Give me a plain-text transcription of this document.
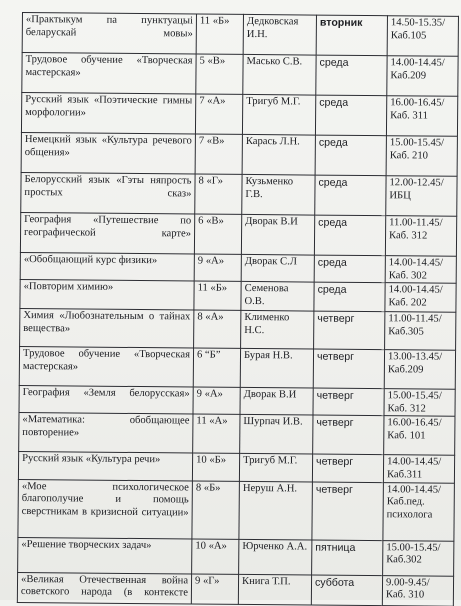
«Практыкум па пунктуацыі беларускай мовы»	11 «Б»	Дедковская И.Н.	вторник	14.50-15.35/ Каб.105
Трудовое обучение «Творческая мастерская»	5 «В»	Масько С.В.	среда	14.00-14.45/ Каб.209
Русский язык «Поэтические гимны морфологии»	7 «А»	Тригуб М.Г.	среда	16.00-16.45/ Каб. 311
Немецкий язык «Культура речевого общения»	7 «В»	Карась Л.Н.	среда	15.00-15.45/ Каб. 210
Белорусский язык «Гэты няпрость простых сказ»	8 «Г»	Кузьменко Г.В.	среда	12.00-12.45/ ИБЦ
География «Путешествие по географической карте»	6 «В»	Дворак В.И	среда	11.00-11.45/ Каб. 312
«Обобщающий курс физики»	9 «А»	Дворак С.Л	среда	14.00-14.45/ Каб. 302
«Повторим химию»	11 «Б»	Семенова О.В.	среда	14.00-14.45/ Каб. 202
Химия «Любознательным о тайнах вещества»	8 «А»	Клименко Н.С.	четверг	11.00-11.45/ Каб.305
Трудовое обучение «Творческая мастерская»	6 “Б”	Бурая Н.В.	четверг	13.00-13.45/ Каб.209
География «Земля белорусская»	9 «А»	Дворак В.И	четверг	15.00-15.45/ Каб. 312
«Математика: обобщающее повторение»	11 «А»	Шурпач И.В.	четверг	16.00-16.45/ Каб. 101
Русский язык «Культура речи»	10 «Б»	Тригуб М.Г.	четверг	14.00-14.45/ Каб.311
«Мое психологическое благополучие и помощь сверстникам в кризисной ситуации»	8 «Б»	Неруш А.Н.	четверг	14.00-14.45/ Каб.пед. психолога
«Решение творческих задач»	10 «А»	Юрченко А.А.	пятница	15.00-15.45/ Каб.302
«Великая Отечественная война советского народа (в контексте	9 «Г»	Книга Т.П.	суббота	9.00-9.45/ Каб. 310
